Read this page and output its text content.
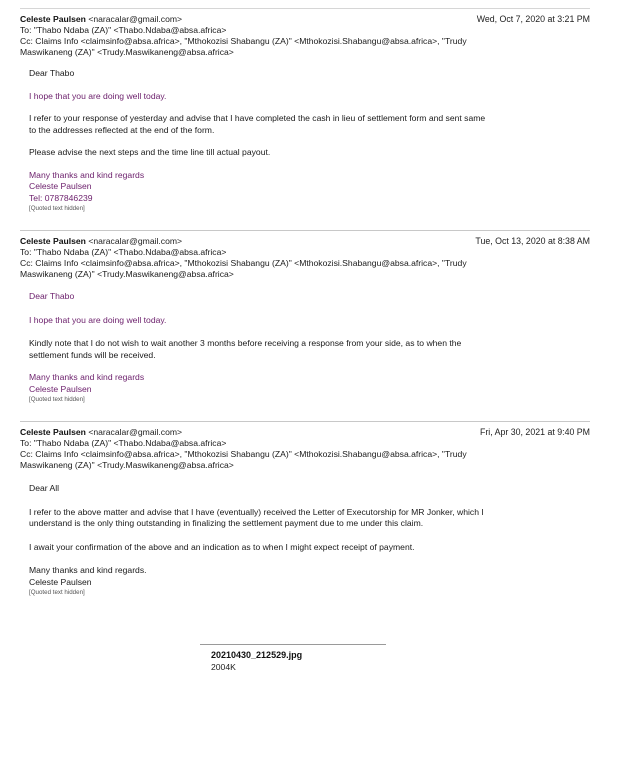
Celeste Paulsen <naracalar@gmail.com>	Wed, Oct 7, 2020 at 3:21 PM
To: "Thabo Ndaba (ZA)" <Thabo.Ndaba@absa.africa>
Cc: Claims Info <claimsinfo@absa.africa>, "Mthokozisi Shabangu (ZA)" <Mthokozisi.Shabangu@absa.africa>, "Trudy
Maswikaneng (ZA)" <Trudy.Maswikaneng@absa.africa>

Dear Thabo

I hope that you are doing well today.

I refer to your response of yesterday and advise that I have completed the cash in lieu of settlement form and sent same

to the addresses reflected at the end of the form.

Please advise the next steps and the time line till actual payout.

Many thanks and kind regards

Celeste Paulsen

Tel: 0787846239

[Quoted text hidden]

Celeste Paulsen <naracalar@gmail.com>	Tue, Oct 13, 2020 at 8:38 AM
To: "Thabo Ndaba (ZA)" <Thabo.Ndaba@absa.africa>
Cc: Claims Info <claimsinfo@absa.africa>, "Mthokozisi Shabangu (ZA)" <Mthokozisi.Shabangu@absa.africa>, "Trudy
Maswikaneng (ZA)" <Trudy.Maswikaneng@absa.africa>

Dear Thabo

I hope that you are doing well today.

Kindly note that I do not wish to wait another 3 months before receiving a response from your side, as to when the

settlement funds will be received.

Many thanks and kind regards

Celeste Paulsen

[Quoted text hidden]

Celeste Paulsen <naracalar@gmail.com>	Fri, Apr 30, 2021 at 9:40 PM
To: "Thabo Ndaba (ZA)" <Thabo.Ndaba@absa.africa>
Cc: Claims Info <claimsinfo@absa.africa>, "Mthokozisi Shabangu (ZA)" <Mthokozisi.Shabangu@absa.africa>, "Trudy
Maswikaneng (ZA)" <Trudy.Maswikaneng@absa.africa>

Dear All

I refer to the above matter and advise that I have (eventually) received the Letter of Executorship for MR Jonker, which I

understand is the only thing outstanding in finalizing the settlement payment due to me under this claim.

I await your confirmation of the above and an indication as to when I might expect receipt of payment.

Many thanks and kind regards.

Celeste Paulsen

[Quoted text hidden]

20210430_212529.jpg
2004K
